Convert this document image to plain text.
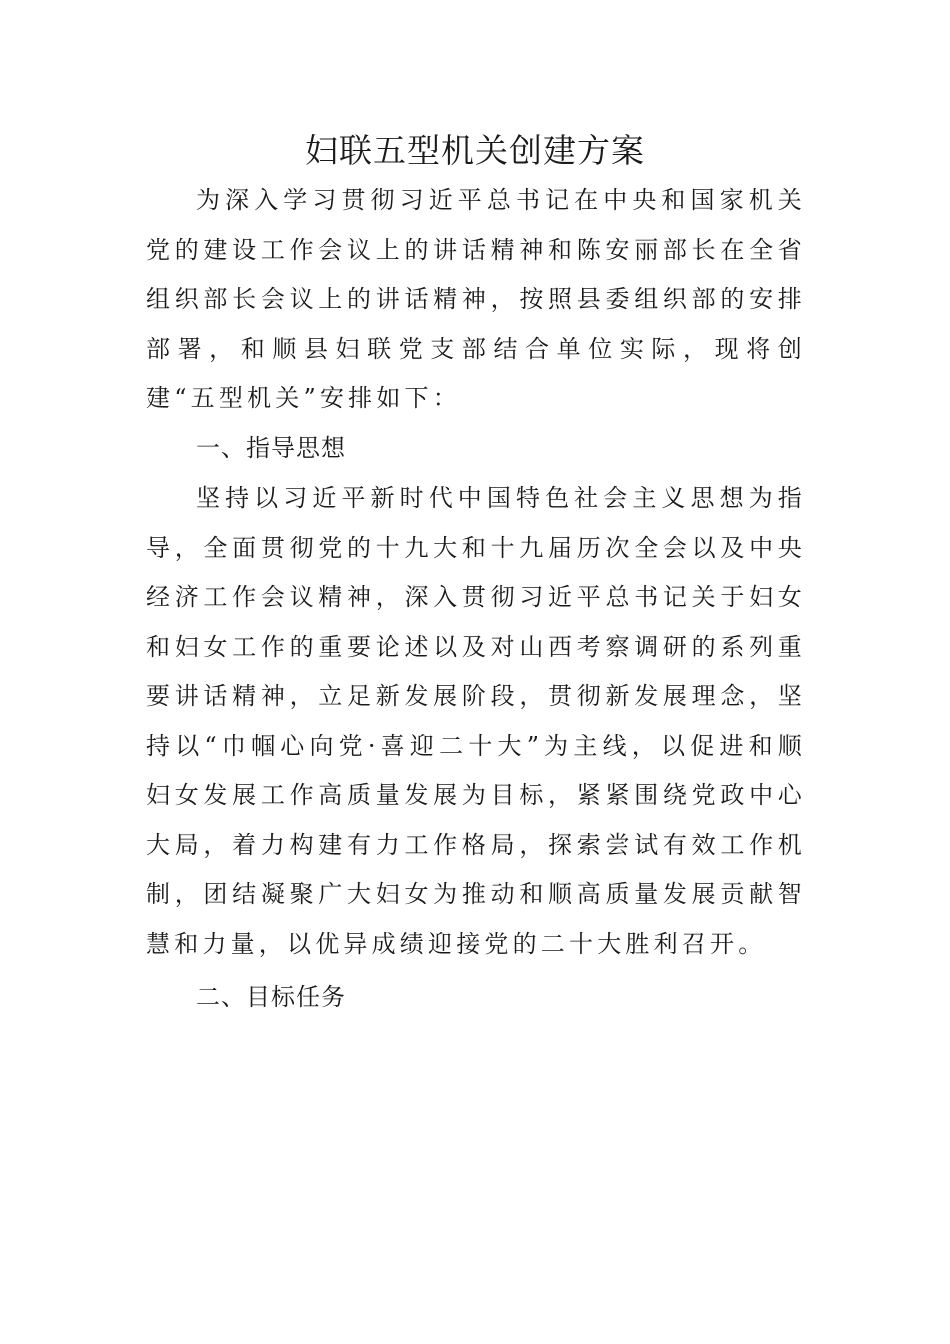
妇联五型机关创建方案

为深入学习贯彻习近平总书记在中央和国家机关党的建设工作会议上的讲话精神和陈安丽部长在全省组织部长会议上的讲话精神，按照县委组织部的安排部署，和顺县妇联党支部结合单位实际，现将创建“五型机关”安排如下：

一、指导思想

坚持以习近平新时代中国特色社会主义思想为指导，全面贯彻党的十九大和十九届历次全会以及中央经济工作会议精神，深入贯彻习近平总书记关于妇女和妇女工作的重要论述以及对山西考察调研的系列重要讲话精神，立足新发展阶段，贯彻新发展理念，坚持以“巾帼心向党·喜迎二十大”为主线，以促进和顺妇女发展工作高质量发展为目标，紧紧围绕党政中心大局，着力构建有力工作格局，探索尝试有效工作机制，团结凝聚广大妇女为推动和顺高质量发展贡献智慧和力量，以优异成绩迎接党的二十大胜利召开。

二、目标任务
